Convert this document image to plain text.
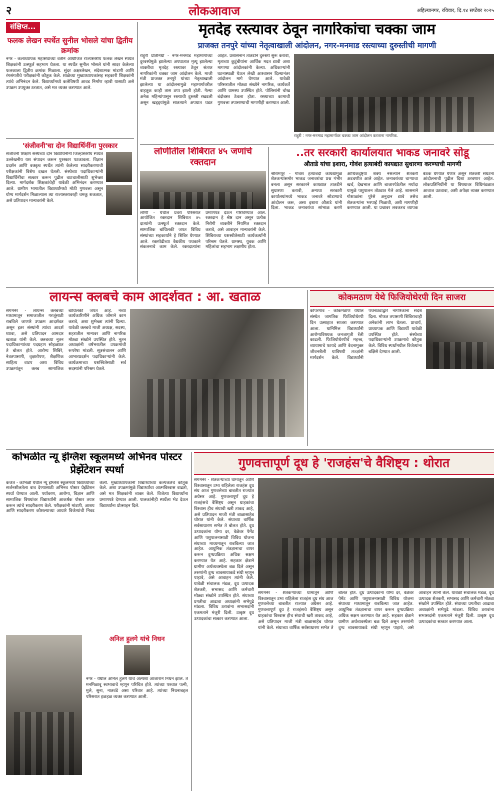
२	लोकआवाज	अहिल्यानगर, रविवार, दि.१४ सप्टेंबर २०२५
संक्षिप्त...
फलक लेखन स्पर्धेत सुनील भोसले यांचा द्वितीय क्रमांक

नगर - कलाध्यापक महासंघाच्या वतीने आयोजित राज्यस्तरीय फलक लेखन स्पर्धेत शिक्षकांनी उत्स्फूर्त सहभाग घेतला. या स्पर्धेत सुनील भोसले यांनी सादर केलेल्या फलकाला द्वितीय क्रमांक मिळाला. सुंदर अक्षरलेखन, संदेशात्मक मांडणी आणि रंगसंगतीचे परीक्षकांनी कौतुक केले. शाळेच्या मुख्याध्यापकांसह सहकारी शिक्षकांनी त्यांचे अभिनंदन केले. विद्यार्थ्यांमध्ये कलेविषयी आवड निर्माण व्हावी यासाठी असे उपक्रम उपयुक्त ठरतात, असे मत व्यक्त करण्यात आले.

'संजीवनी'चा दोन विद्यार्थिनींना पुरस्कार

संजीवनी शिक्षण संस्थेच्या दोन विद्यार्थिनींनी जिल्हास्तरीय स्पर्धेत उल्लेखनीय यश संपादन करून पुरस्कार पटकावला. विज्ञान प्रदर्शन आणि वक्तृत्व स्पर्धेत त्यांनी केलेल्या सादरीकरणाची परीक्षकांनी विशेष दखल घेतली. संस्थेच्या पदाधिकाऱ्यांनी विद्यार्थिनींचा सत्कार करून पुढील वाटचालीसाठी शुभेच्छा दिल्या. मार्गदर्शक शिक्षकांचेही यावेळी अभिनंदन करण्यात आले. ग्रामीण भागातील विद्यार्थ्यांमध्ये मोठी गुणवत्ता असून योग्य मार्गदर्शन मिळाल्यास त्या राज्यस्तरावरही चमकू शकतात, असे प्रतिपादन मान्यवरांनी केले.

मृतदेह रस्त्यावर ठेवून नागरिकांचा चक्का जाम
प्राजक्त तनपुरे यांच्या नेतृत्वाखाली आंदोलन, नगर-मनमाड रस्त्याच्या दुरुस्तीची मागणी

राहुरी प्रतिनिधी - नगर-मनमाड महामार्गाच्या दुरवस्थेमुळे झालेल्या अपघातात मृत्यू झालेल्या व्यक्तीचा मृतदेह रस्त्यावर ठेवून संतप्त नागरिकांनी चक्का जाम आंदोलन केले. माजी मंत्री प्राजक्त तनपुरे यांच्या नेतृत्वाखाली झालेल्या या आंदोलनामुळे महामार्गावरील वाहतूक काही तास ठप्प झाली होती. गेल्या अनेक महिन्यांपासून रस्त्याची दुरुस्ती रखडली असून खड्ड्यांमुळे सातत्याने अपघात घडत आहेत. प्रशासनाने तातडीने दुरुस्ती सुरू करावी, मृताच्या कुटुंबीयांना आर्थिक मदत द्यावी अशा मागण्या आंदोलकांनी केल्या. अधिकाऱ्यांनी घटनास्थळी येऊन लेखी आश्वासन दिल्यानंतर आंदोलन मागे घेण्यात आले. यावेळी परिसरातील मोठ्या संख्येने नागरिक, कार्यकर्ते आणि ग्रामस्थ उपस्थित होते. पोलिसांनी चोख बंदोबस्त ठेवला होता. रस्त्याच्या कामाची गुणवत्ता तपासण्याची मागणीही करण्यात आली.

राहुरी : नगर-मनमाड महामार्गावर चक्का जाम आंदोलन करताना नागरिक.
लोणीतील शिबिरात ४५ जणांचे रक्तदान

लोणी - येथील प्रवरा परिसरात आयोजित रक्तदान शिबिरात ४५ दात्यांनी उत्स्फूर्त रक्तदान केले. सामाजिक बांधिलकी जपत विविध संस्थांच्या सहकार्याने हे शिबिर घेण्यात आले. रक्तपेढीच्या वैद्यकीय पथकाने संकलनाचे काम केले. रक्तदात्यांना प्रमाणपत्र देऊन गौरविण्यात आले. रक्तदान हे श्रेष्ठ दान असून प्रत्येक निरोगी व्यक्तीने नियमित रक्तदान करावे, असे आवाहन मान्यवरांनी केले. शिबिराच्या यशस्वीतेसाठी कार्यकर्त्यांनी परिश्रम घेतले. ग्रामस्थ, युवक आणि महिलांचा सहभाग लक्षणीय होता.

..तर सरकारी कार्यालयात भाकड जनावरे सोडू
औताडे यांचा इशारा, गोवंश हत्याबंदी कायद्यात सुधारणा करण्याची मागणी

श्रीरामपूर - गोवंश हत्याबंदी कायद्यामुळे शेतकऱ्यांसमोर भाकड जनावरांचा प्रश्न गंभीर बनला असून सरकारने कायद्यात तातडीने सुधारणा करावी, अन्यथा सरकारी कार्यालयांमध्ये भाकड जनावरे सोडण्याचे आंदोलन करू, असा इशारा औताडे यांनी दिला. भाकड जनावरांचा सांभाळ करणे आर्थिकदृष्ट्या शक्य नसल्याने शेतकरी अडचणीत आले आहेत. जनावरांच्या चाऱ्याचा खर्च, देखभाल आणि बाजारपेठेतील मर्यादा यामुळे पशुपालन तोट्यात गेले आहे. शासनाने गोशाळांना पुरेसे अनुदान द्यावे तसेच शेतकऱ्यांना भरपाई मिळावी, अशी मागणीही करण्यात आली. या प्रश्नावर लवकरच व्यापक बैठक घेण्यात येणार असून शेतकरी संघटना आंदोलनाची पुढील दिशा ठरवणार आहेत. लोकप्रतिनिधींनी या विषयावर विधिमंडळात आवाज उठवावा, अशी अपेक्षा व्यक्त करण्यात आली.

लायन्स क्लबचे काम आदर्शवत : आ. खताळ

संगमनेर - लायन्स क्लबच्या माध्यमातून समाजातील गरजूंसाठी राबविले जाणारे उपक्रम आदर्शवत असून इतर संस्थांनी त्यांचा आदर्श घ्यावा, असे प्रतिपादन आमदार खताळ यांनी केले. क्लबच्या नूतन पदाधिकाऱ्यांच्या पदग्रहण सोहळ्यात ते बोलत होते. आरोग्य शिबिरे, नेत्रतपासणी, वृक्षारोपण, शैक्षणिक साहित्य वाटप अशा विविध उपक्रमांतून क्लब सामाजिक बांधिलकी जपत आहे. नव्या कार्यकारिणीने अधिक जोमाने काम करावे, अशा शुभेच्छा त्यांनी दिल्या. यावेळी क्लबचे माजी अध्यक्ष, सदस्य, शहरातील मान्यवर आणि नागरिक मोठ्या संख्येने उपस्थित होते. नूतन अध्यक्षांनी वर्षभरातील उपक्रमांची रूपरेषा मांडली. सूत्रसंचालन आणि आभारप्रदर्शन पदाधिकाऱ्यांनी केले. कार्यक्रमाच्या यशस्वितेसाठी सर्व सदस्यांनी परिश्रम घेतले.

कोकमठाण येथे फिजियोथेरपी दिन साजरा

कोपरगाव - कोकमठाण येथील संस्थेत जागतिक फिजियोथेरपी दिन उत्साहात साजरा करण्यात आला. यानिमित्त विद्यार्थ्यांनी आरोग्यविषयक जनजागृती रॅली काढली. फिजियोथेरपीचे महत्त्व, व्यायामाचे फायदे आणि वेदनामुक्त जीवनशैली याविषयी तज्ज्ञांनी मार्गदर्शन केले. विद्यार्थ्यांनी पथनाट्याद्वारे नागरिकांना संदेश दिला. मोफत तपासणी शिबिराचाही अनेकांनी लाभ घेतला. प्राचार्य, प्राध्यापक आणि विद्यार्थी यावेळी उपस्थित होते. संस्थेच्या पदाधिकाऱ्यांनी उपक्रमाचे कौतुक केले. विविध स्पर्धांमधील विजेत्यांना बक्षिसे देण्यात आली.

कोंभळीत न्यू इंग्लिश स्कूलमध्ये अभिनव पोस्टर प्रेझेंटेशन स्पर्धा

कर्जत - कोंभळी येथील न्यू इंग्लिश स्कूलमध्ये विद्यार्थ्यांच्या सर्जनशीलतेला वाव देण्यासाठी अभिनव पोस्टर प्रेझेंटेशन स्पर्धा घेण्यात आली. पर्यावरण, आरोग्य, विज्ञान आणि सामाजिक विषयांवर विद्यार्थ्यांनी आकर्षक पोस्टर तयार करून त्यांचे सादरीकरण केले. परीक्षकांनी मांडणी, आशय आणि सादरीकरण कौशल्याच्या आधारे विजेत्यांची निवड केली. मुख्याध्यापकांनी विद्यार्थ्यांच्या कल्पकतेचे कौतुक केले. अशा उपक्रमांमुळे विद्यार्थ्यांचा आत्मविश्वास वाढतो, असे मत शिक्षकांनी व्यक्त केले. विजेत्या विद्यार्थ्यांना प्रमाणपत्रे देण्यात आली. पालकांनीही स्पर्धेला भेट देऊन विद्यार्थ्यांना प्रोत्साहन दिले.

अनिल हुलगे यांचे निधन

नगर - येथील अनिल हुलगे यांचे अल्पशा आजाराने निधन झाले. ते मनमिळावू स्वभावाचे म्हणून परिचित होते. त्यांच्या पश्चात पत्नी, मुले, सुना, नातवंडे असा परिवार आहे. त्यांच्या निधनाबद्दल परिसरात हळहळ व्यक्त करण्यात आली.

गुणवत्तापूर्ण दूध हे 'राजहंस'चे वैशिष्ट्य : थोरात

संगमनेर - शेतकऱ्यांच्या घामातून आणि विश्वासातून उभा राहिलेला राजहंस दूध संघ आज गुणवत्तेच्या बाबतीत राज्यात अग्रेसर आहे. गुणवत्तापूर्ण दूध हे राजहंसचे वैशिष्ट्य असून ग्राहकांचा विश्वास हीच संघाची खरी ताकद आहे, असे प्रतिपादन माजी मंत्री बाळासाहेब थोरात यांनी केले. संघाच्या वार्षिक सर्वसाधारण सभेत ते बोलत होते. दूध उत्पादकांना योग्य दर, वेळेवर पेमेंट आणि पशुपालनासाठी विविध योजना संघाच्या माध्यमातून राबविल्या जात आहेत. आधुनिक तंत्रज्ञानाचा वापर करून दुग्धप्रक्रिया अधिक सक्षम करण्यात येत आहे. सहकार क्षेत्राने ग्रामीण अर्थव्यवस्थेला बळ दिले असून तरुणांनी दुग्ध व्यवसायाकडे संधी म्हणून पाहावे, असे आवाहन त्यांनी केले. यावेळी संचालक मंडळ, दूध उत्पादक शेतकरी, सभासद आणि कर्मचारी मोठ्या संख्येने उपस्थित होते. संघाच्या प्रगतीचा आढावा अध्यक्षांनी सभेपुढे मांडला. विविध ठरावांना सभासदांनी एकमताने मंजुरी दिली. उत्कृष्ट दूध उत्पादकांचा सत्कार करण्यात आला.

संगमनेर - शेतकऱ्यांच्या घामातून आणि विश्वासातून उभा राहिलेला राजहंस दूध संघ आज गुणवत्तेच्या बाबतीत राज्यात अग्रेसर आहे. गुणवत्तापूर्ण दूध हे राजहंसचे वैशिष्ट्य असून ग्राहकांचा विश्वास हीच संघाची खरी ताकद आहे, असे प्रतिपादन माजी मंत्री बाळासाहेब थोरात यांनी केले. संघाच्या वार्षिक सर्वसाधारण सभेत ते बोलत होते. दूध उत्पादकांना योग्य दर, वेळेवर पेमेंट आणि पशुपालनासाठी विविध योजना संघाच्या माध्यमातून राबविल्या जात आहेत. आधुनिक तंत्रज्ञानाचा वापर करून दुग्धप्रक्रिया अधिक सक्षम करण्यात येत आहे. सहकार क्षेत्राने ग्रामीण अर्थव्यवस्थेला बळ दिले असून तरुणांनी दुग्ध व्यवसायाकडे संधी म्हणून पाहावे, असे आवाहन त्यांनी केले. यावेळी संचालक मंडळ, दूध उत्पादक शेतकरी, सभासद आणि कर्मचारी मोठ्या संख्येने उपस्थित होते. संघाच्या प्रगतीचा आढावा अध्यक्षांनी सभेपुढे मांडला. विविध ठरावांना सभासदांनी एकमताने मंजुरी दिली. उत्कृष्ट दूध उत्पादकांचा सत्कार करण्यात आला.
